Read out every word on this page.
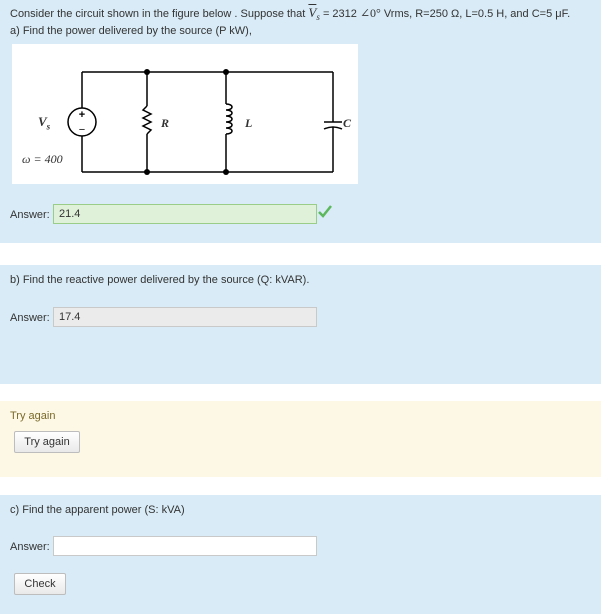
Consider the circuit shown in the figure below . Suppose that $\overline{V}_s = 2312$ ∠0° Vrms, R=250 Ω, L=0.5 H, and C=5 μF.
a) Find the power delivered by the source (P kW),
+
−
$V_s$
ω = 400
R	L	C
Answer: 21.4
b) Find the reactive power delivered by the source (Q: kVAR).
Answer: 17.4
Try again
Try again
c) Find the apparent power (S: kVA)
Answer:
Check
